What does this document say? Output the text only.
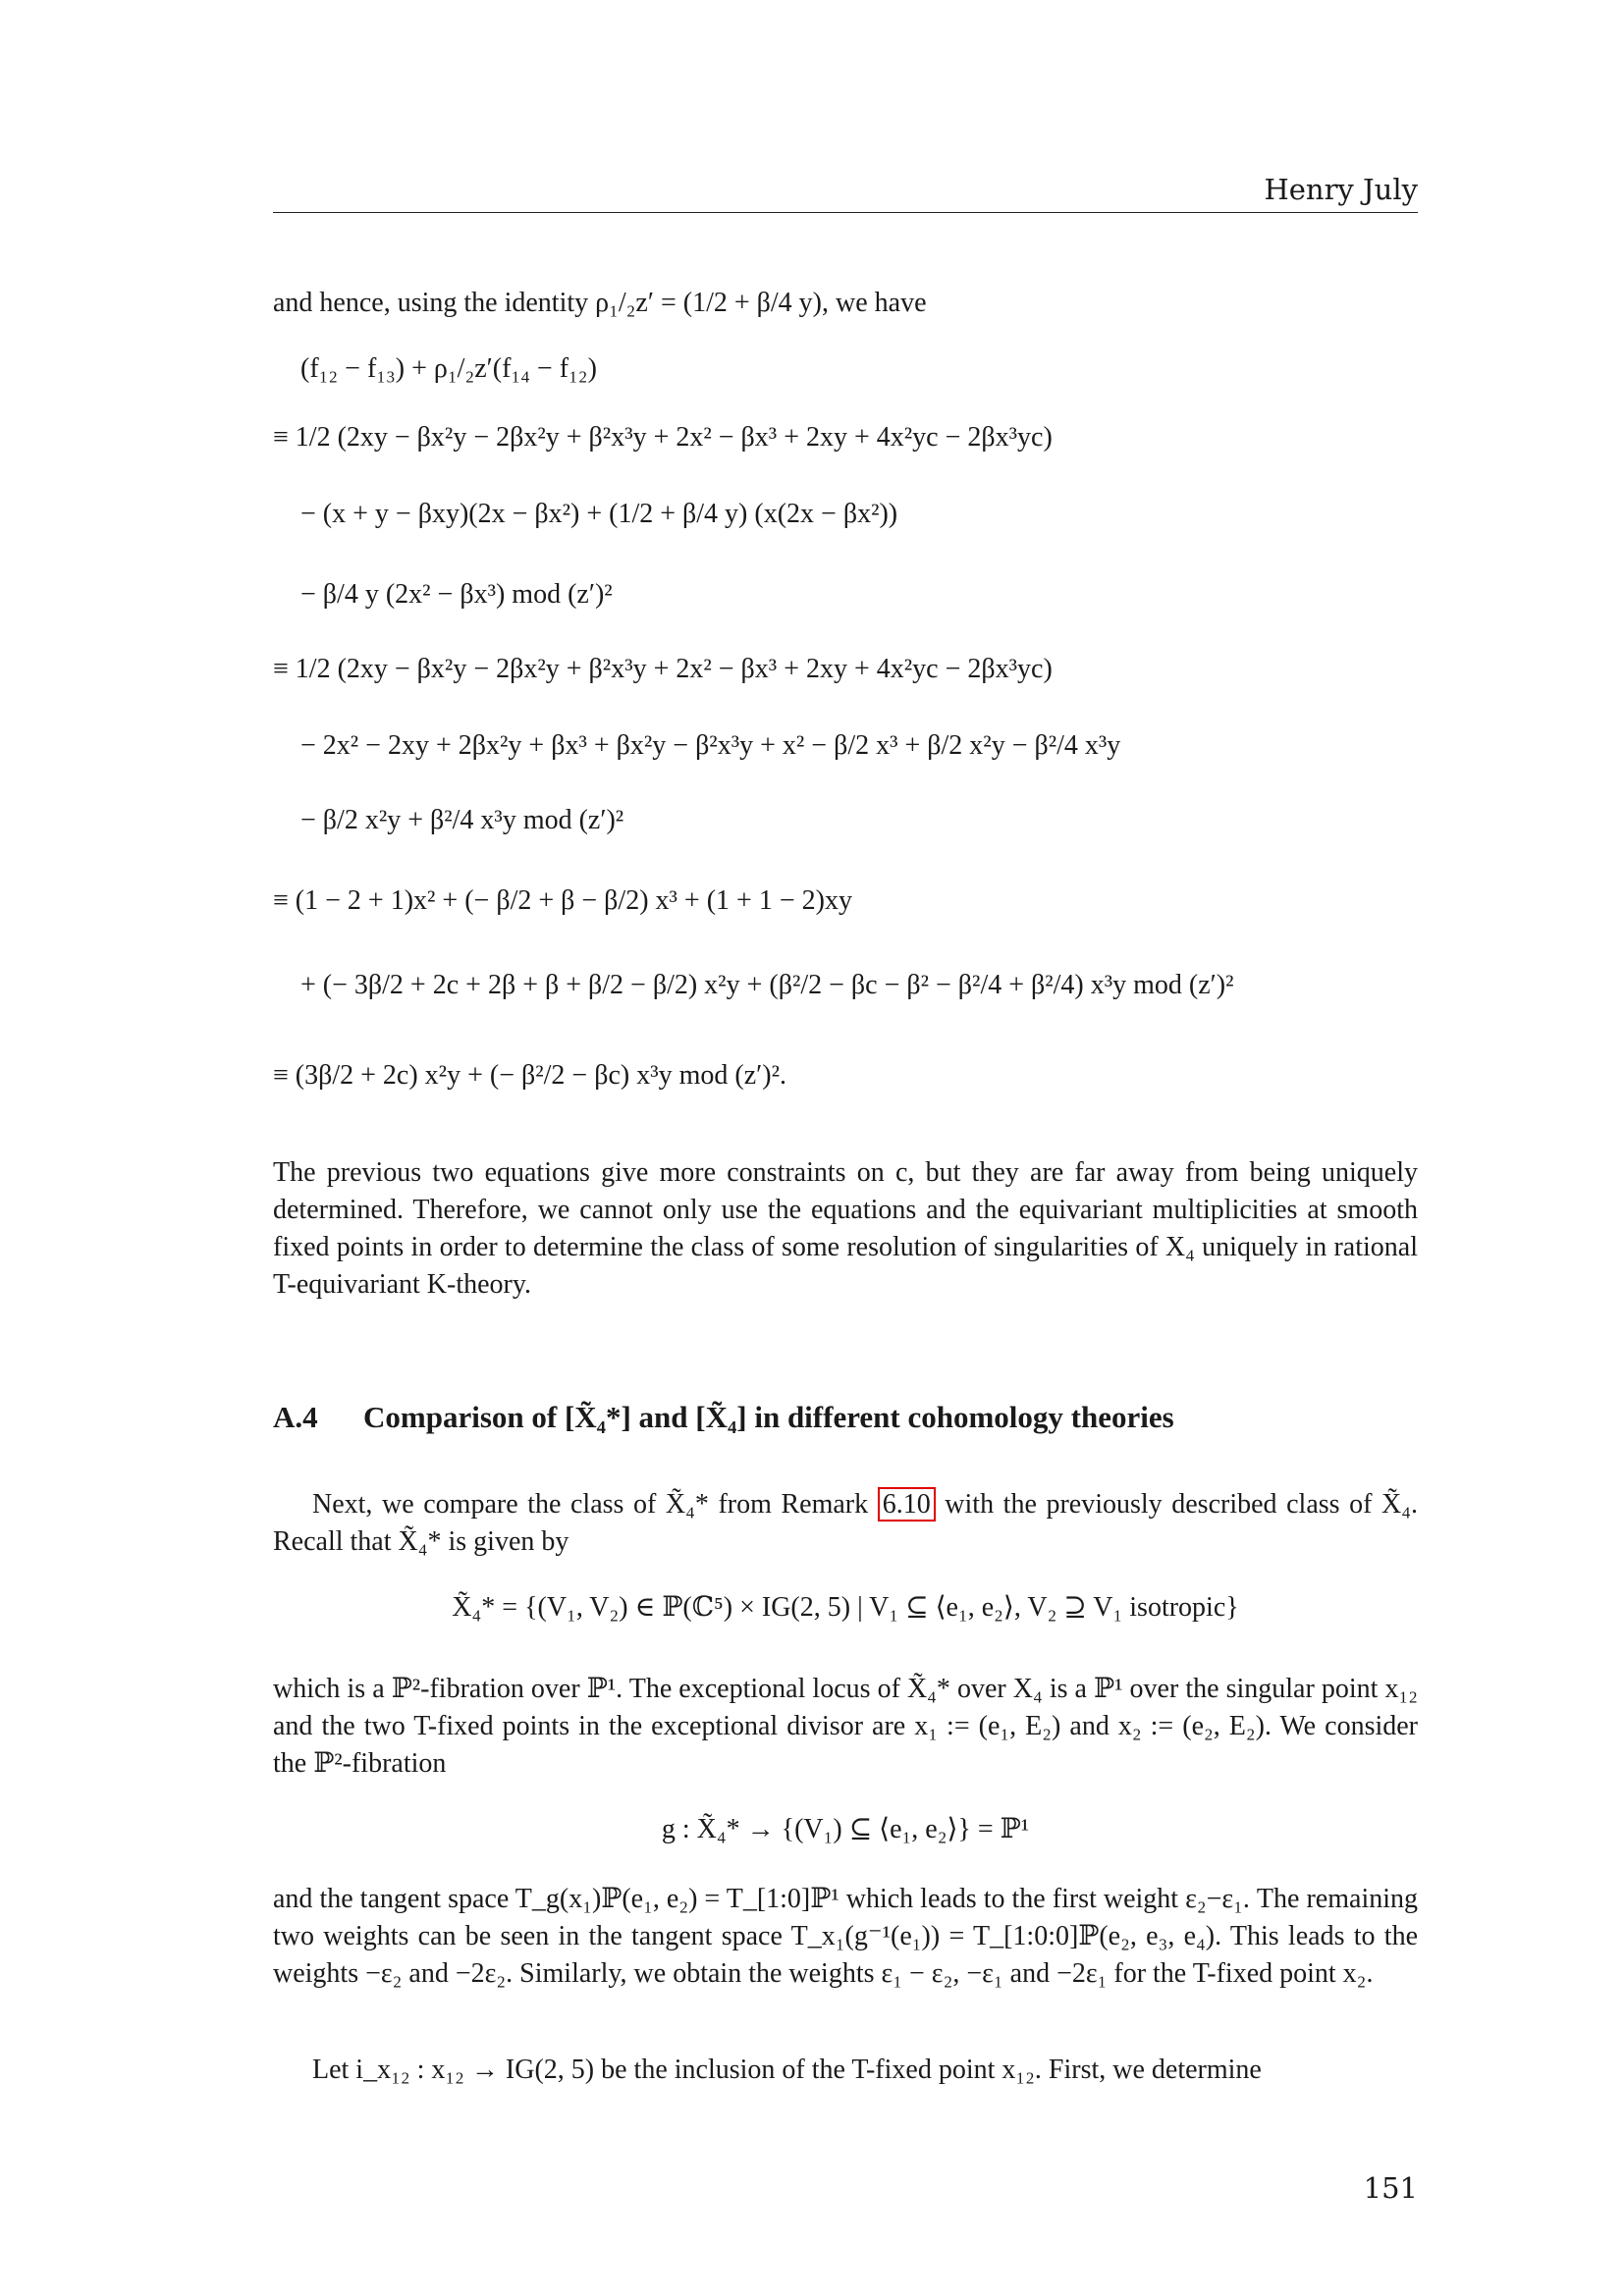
Henry July
and hence, using the identity ρ₁/₂z′ = (1/2 + β/4 y), we have
(f₁₂ − f₁₃) + ρ₁/₂z′(f₁₄ − f₁₂)
≡ 1/2 (2xy − βx²y − 2βx²y + β²x³y + 2x² − βx³ + 2xy + 4x²yc − 2βx³yc)
− (x + y − βxy)(2x − βx²) + (1/2 + β/4 y) (x(2x − βx²))
− β/4 y (2x² − βx³) mod (z′)²
≡ 1/2 (2xy − βx²y − 2βx²y + β²x³y + 2x² − βx³ + 2xy + 4x²yc − 2βx³yc)
− 2x² − 2xy + 2βx²y + βx³ + βx²y − β²x³y + x² − β/2 x³ + β/2 x²y − β²/4 x³y
− β/2 x²y + β²/4 x³y mod (z′)²
≡ (1 − 2 + 1)x² + (− β/2 + β − β/2) x³ + (1 + 1 − 2)xy
+ (− 3β/2 + 2c + 2β + β + β/2 − β/2) x²y + (β²/2 − βc − β² − β²/4 + β²/4) x³y mod (z′)²
≡ (3β/2 + 2c) x²y + (− β²/2 − βc) x³y mod (z′)².
The previous two equations give more constraints on c, but they are far away from being uniquely determined. Therefore, we cannot only use the equations and the equivariant multiplicities at smooth fixed points in order to determine the class of some resolution of singularities of X₄ uniquely in rational T-equivariant K-theory.
A.4 Comparison of [X̃₄*] and [X̃₄] in different cohomology theories
Next, we compare the class of X̃₄* from Remark 6.10 with the previously described class of X̃₄. Recall that X̃₄* is given by
X̃₄* = {(V₁, V₂) ∈ ℙ(ℂ⁵) × IG(2, 5) | V₁ ⊆ ⟨e₁, e₂⟩, V₂ ⊇ V₁ isotropic}
which is a ℙ²-fibration over ℙ¹. The exceptional locus of X̃₄* over X₄ is a ℙ¹ over the singular point x₁₂ and the two T-fixed points in the exceptional divisor are x₁ := (e₁, E₂) and x₂ := (e₂, E₂). We consider the ℙ²-fibration
g : X̃₄* → {(V₁) ⊆ ⟨e₁, e₂⟩} = ℙ¹
and the tangent space T_g(x₁)ℙ(e₁, e₂) = T_[1:0]ℙ¹ which leads to the first weight ε₂−ε₁. The remaining two weights can be seen in the tangent space T_x₁(g⁻¹(e₁)) = T_[1:0:0]ℙ(e₂, e₃, e₄). This leads to the weights −ε₂ and −2ε₂. Similarly, we obtain the weights ε₁ − ε₂, −ε₁ and −2ε₁ for the T-fixed point x₂.
Let i_x₁₂ : x₁₂ → IG(2, 5) be the inclusion of the T-fixed point x₁₂. First, we determine
151
